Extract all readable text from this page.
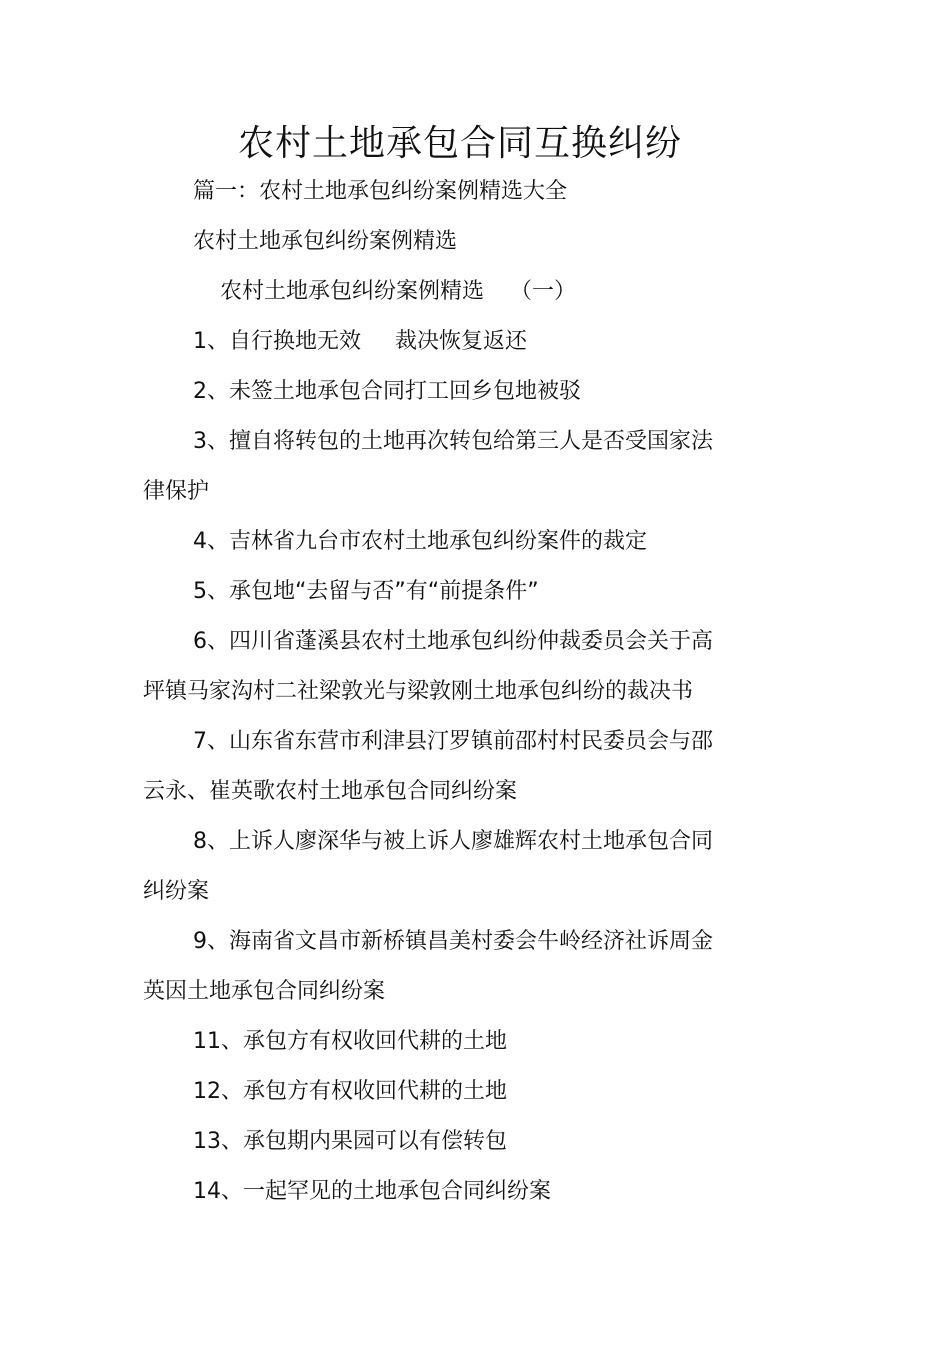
农村土地承包合同互换纠纷
篇一：农村土地承包纠纷案例精选大全
农村土地承包纠纷案例精选
农村土地承包纠纷案例精选 （一）
1、自行换地无效 裁决恢复返还
2、未签土地承包合同打工回乡包地被驳
3、擅自将转包的土地再次转包给第三人是否受国家法
律保护
4、吉林省九台市农村土地承包纠纷案件的裁定
5、承包地“去留与否”有“前提条件”
6、四川省蓬溪县农村土地承包纠纷仲裁委员会关于高
坪镇马家沟村二社梁敦光与梁敦刚土地承包纠纷的裁决书
7、山东省东营市利津县汀罗镇前邵村村民委员会与邵
云永、崔英歌农村土地承包合同纠纷案
8、上诉人廖深华与被上诉人廖雄辉农村土地承包合同
纠纷案
9、海南省文昌市新桥镇昌美村委会牛岭经济社诉周金
英因土地承包合同纠纷案
11、承包方有权收回代耕的土地
12、承包方有权收回代耕的土地
13、承包期内果园可以有偿转包
14、一起罕见的土地承包合同纠纷案
